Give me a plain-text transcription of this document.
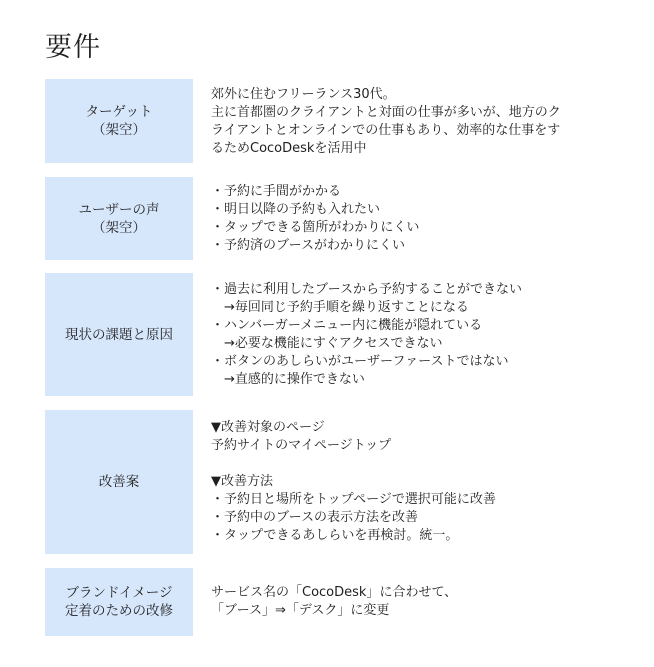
要件
ターゲット
（架空）
郊外に住むフリーランス30代。
主に首都圏のクライアントと対面の仕事が多いが、地方のク
ライアントとオンラインでの仕事もあり、効率的な仕事をす
るためCocoDeskを活用中
ユーザーの声
（架空）
・予約に手間がかかる
・明日以降の予約も入れたい
・タップできる箇所がわかりにくい
・予約済のブースがわかりにくい
現状の課題と原因
・過去に利用したブースから予約することができない
　→毎回同じ予約手順を繰り返すことになる
・ハンバーガーメニュー内に機能が隠れている
　→必要な機能にすぐアクセスできない
・ボタンのあしらいがユーザーファーストではない
　→直感的に操作できない
改善案
▼改善対象のページ
予約サイトのマイページトップ

▼改善方法
・予約日と場所をトップページで選択可能に改善
・予約中のブースの表示方法を改善
・タップできるあしらいを再検討。統一。
ブランドイメージ
定着のための改修
サービス名の「CocoDesk」に合わせて、
「ブース」⇒「デスク」に変更
